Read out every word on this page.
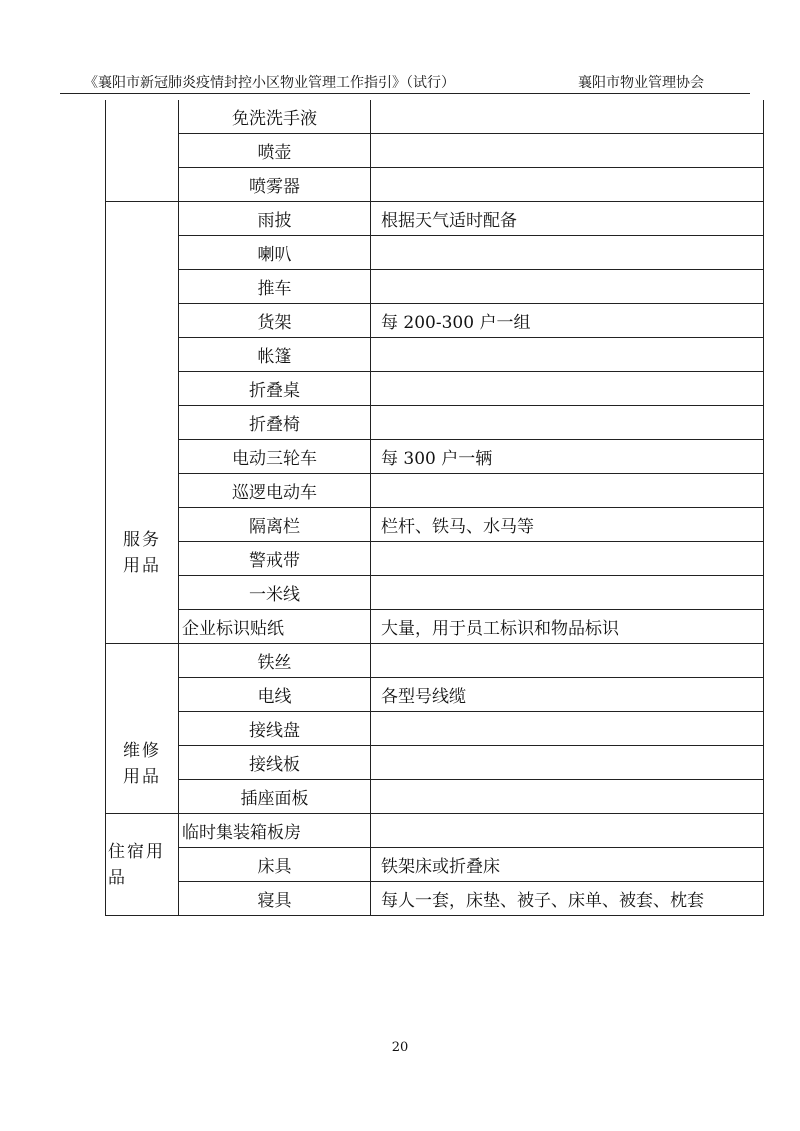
《襄阳市新冠肺炎疫情封控小区物业管理工作指引》（试行）	襄阳市物业管理协会
	免洗洗手液	
	喷壶	
	喷雾器	
服务用品	雨披	根据天气适时配备
	喇叭	
	推车	
	货架	每 200-300 户一组
	帐篷	
	折叠桌	
	折叠椅	
	电动三轮车	每 300 户一辆
	巡逻电动车	
	隔离栏	栏杆、铁马、水马等
	警戒带	
	一米线	
	企业标识贴纸	大量，用于员工标识和物品标识
维修用品	铁丝	
	电线	各型号线缆
	接线盘	
	接线板	
	插座面板	
住宿用品	临时集装箱板房	
	床具	铁架床或折叠床
	寝具	每人一套，床垫、被子、床单、被套、枕套
20
